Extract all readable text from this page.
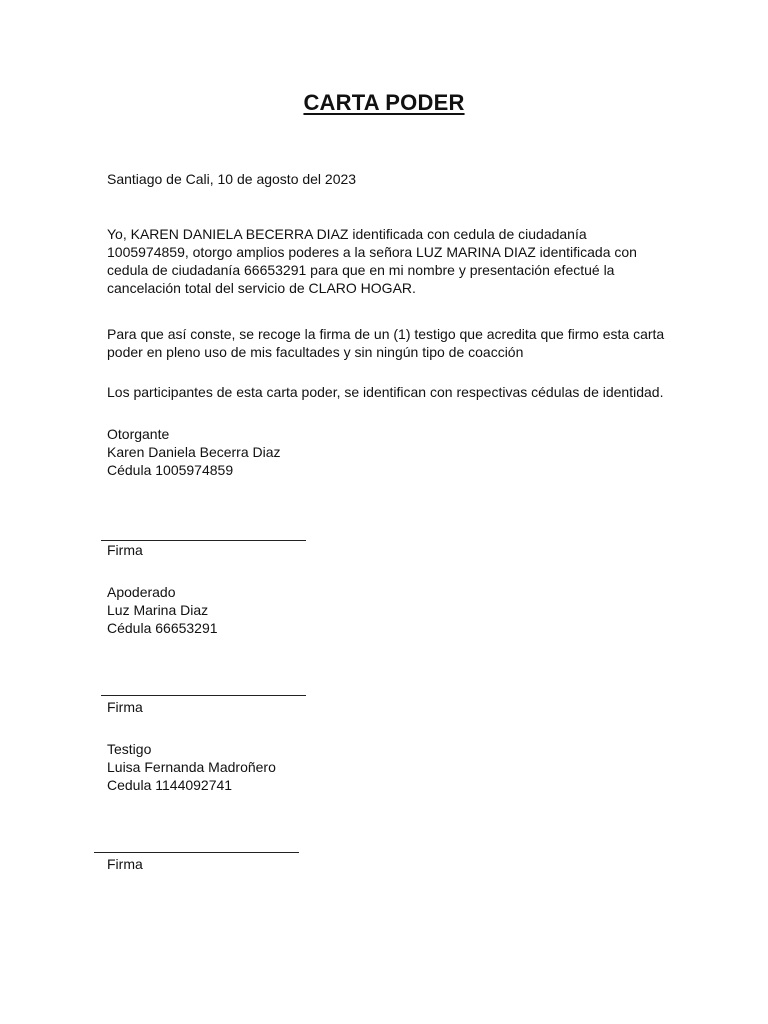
CARTA PODER
Santiago de Cali, 10 de agosto del 2023
Yo, KAREN DANIELA BECERRA DIAZ identificada con cedula de ciudadanía
1005974859, otorgo amplios poderes a la señora LUZ MARINA DIAZ identificada con
cedula de ciudadanía 66653291 para que en mi nombre y presentación efectué la
cancelación total del servicio de CLARO HOGAR.
Para que así conste, se recoge la firma de un (1) testigo que acredita que firmo esta carta
poder en pleno uso de mis facultades y sin ningún tipo de coacción
Los participantes de esta carta poder, se identifican con respectivas cédulas de identidad.
Otorgante
Karen Daniela Becerra Diaz
Cédula 1005974859
Firma
Apoderado
Luz Marina Diaz
Cédula 66653291
Firma
Testigo
Luisa Fernanda Madroñero
Cedula 1144092741
Firma
